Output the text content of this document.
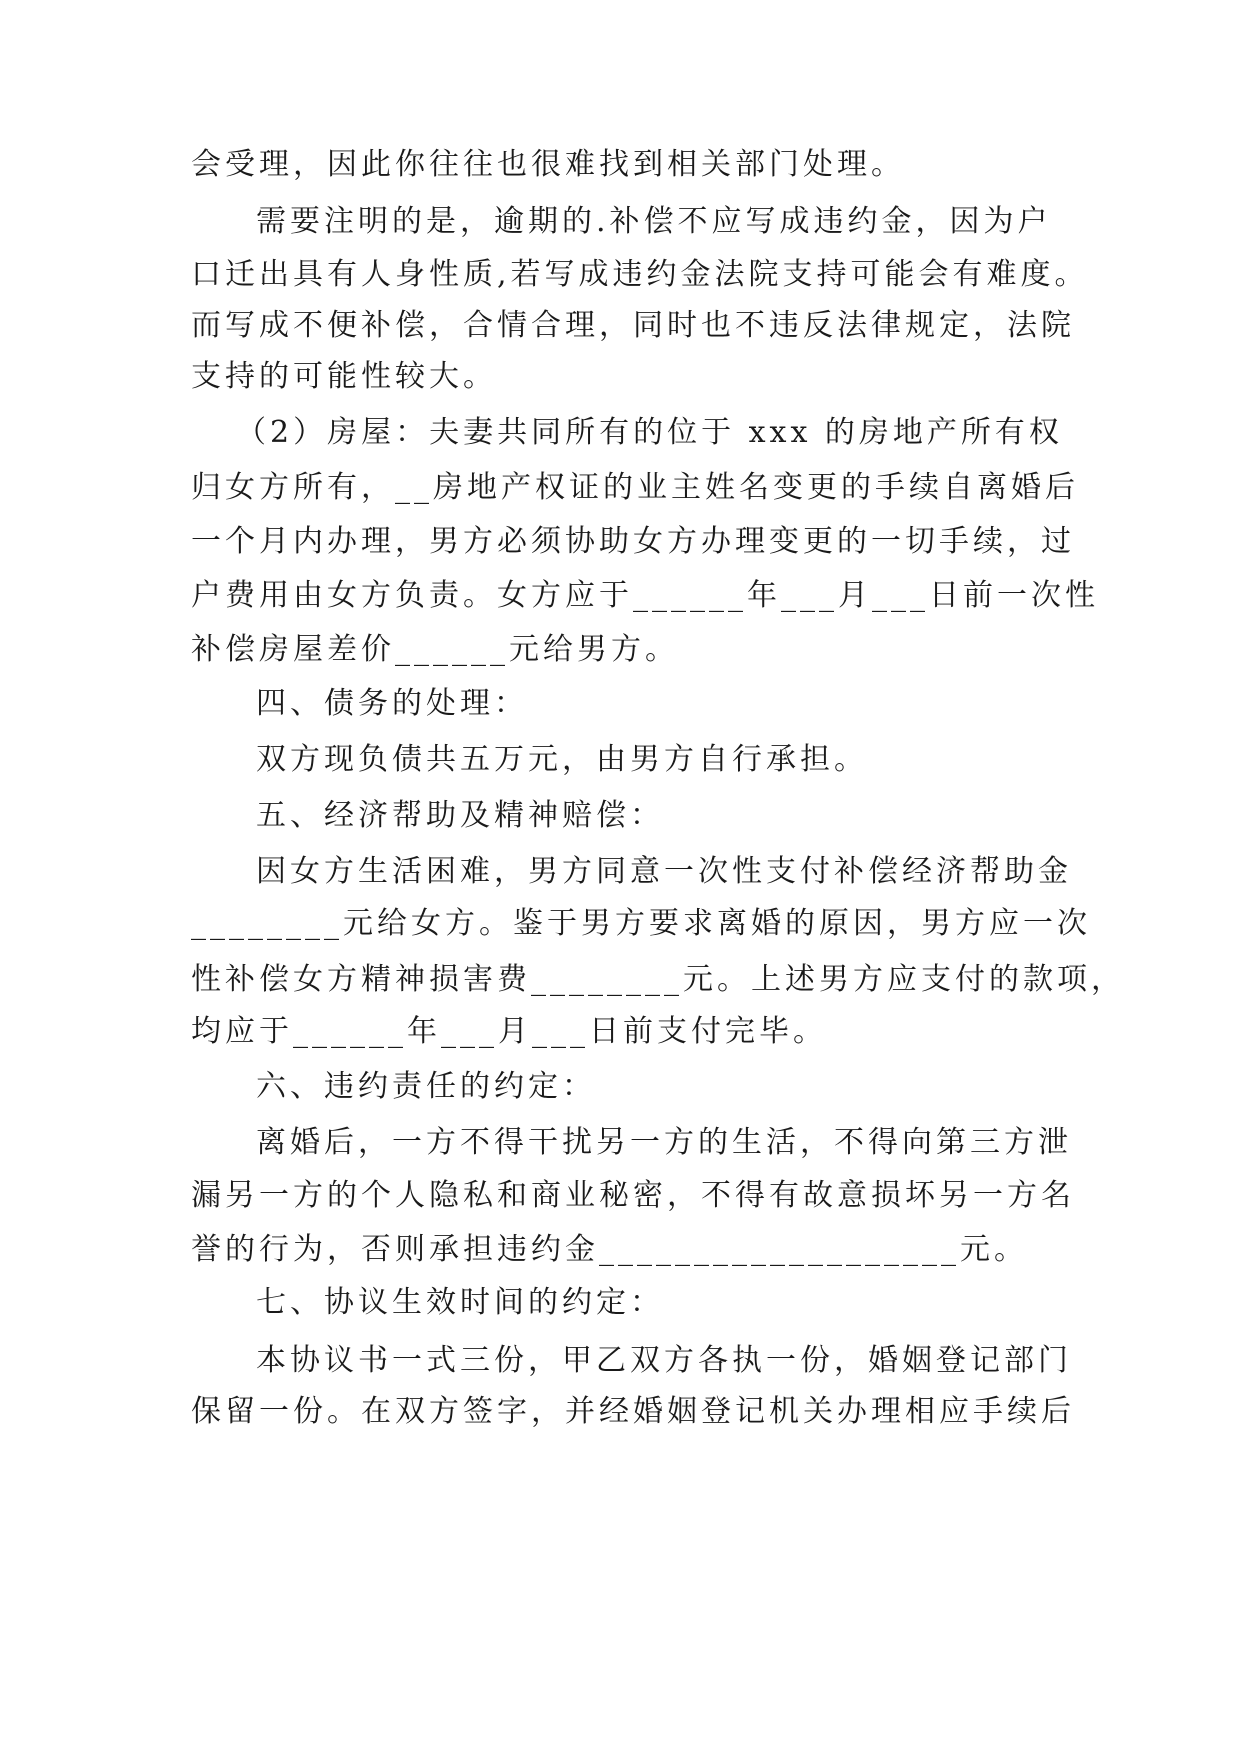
会受理，因此你往往也很难找到相关部门处理。
需要注明的是，逾期的.补偿不应写成违约金，因为户
口迁出具有人身性质,若写成违约金法院支持可能会有难度。
而写成不便补偿，合情合理，同时也不违反法律规定，法院
支持的可能性较大。
（2）房屋：夫妻共同所有的位于 xxx 的房地产所有权
归女方所有，__房地产权证的业主姓名变更的手续自离婚后
一个月内办理，男方必须协助女方办理变更的一切手续，过
户费用由女方负责。女方应于______年___月___日前一次性
补偿房屋差价______元给男方。
四、债务的处理：
双方现负债共五万元，由男方自行承担。
五、经济帮助及精神赔偿：
因女方生活困难，男方同意一次性支付补偿经济帮助金
________元给女方。鉴于男方要求离婚的原因，男方应一次
性补偿女方精神损害费________元。上述男方应支付的款项，
均应于______年___月___日前支付完毕。
六、违约责任的约定：
离婚后，一方不得干扰另一方的生活，不得向第三方泄
漏另一方的个人隐私和商业秘密，不得有故意损坏另一方名
誉的行为，否则承担违约金___________________元。
七、协议生效时间的约定：
本协议书一式三份，甲乙双方各执一份，婚姻登记部门
保留一份。在双方签字，并经婚姻登记机关办理相应手续后
